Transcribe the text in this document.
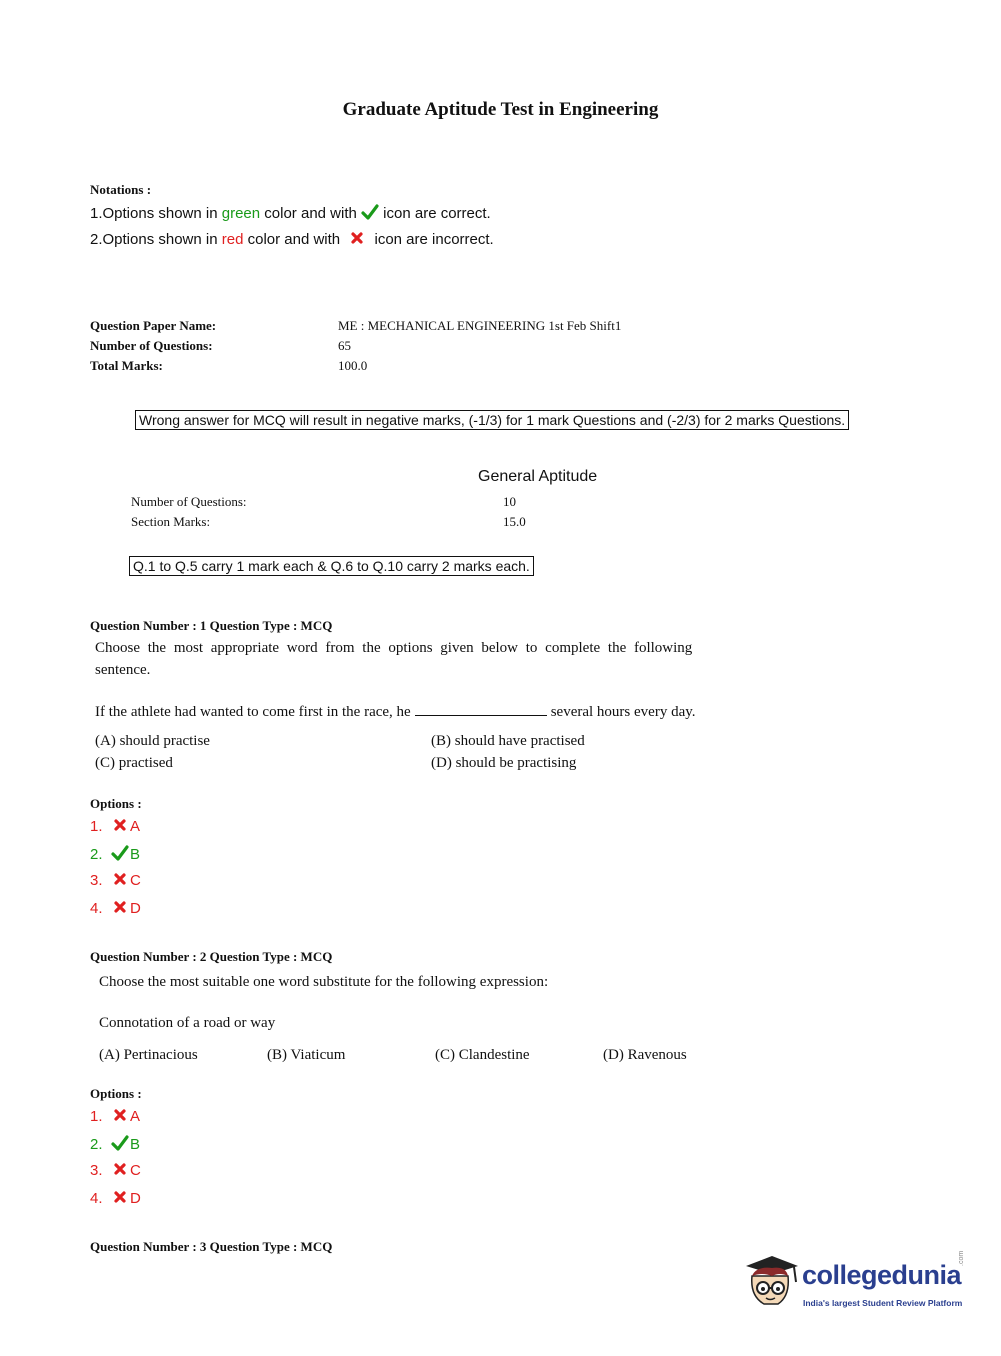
Graduate Aptitude Test in Engineering
Notations :
1.Options shown in green color and with  icon are correct.
2.Options shown in red color and with  icon are incorrect.
Question Paper Name:	ME : MECHANICAL ENGINEERING 1st Feb Shift1
Number of Questions:	65
Total Marks:	100.0
Wrong answer for MCQ will result in negative marks, (-1/3) for 1 mark Questions and (-2/3) for 2 marks Questions.
General Aptitude
Number of Questions:	10
Section Marks:	15.0
Q.1 to Q.5 carry 1 mark each & Q.6 to Q.10 carry 2 marks each.
Question Number : 1 Question Type : MCQ
Choose the most appropriate word from the options given below to complete the following
sentence.
If the athlete had wanted to come first in the race, he	several hours every day.
(A) should practise	(B) should have practised
(C) practised	(D) should be practising
Options :
1. A
2. B
3. C
4. D
Question Number : 2 Question Type : MCQ
Choose the most suitable one word substitute for the following expression:
Connotation of a road or way
(A) Pertinacious	(B) Viaticum	(C) Clandestine	(D) Ravenous
Options :
1. A
2. B
3. C
4. D
Question Number : 3 Question Type : MCQ
collegedunia
.com
India's largest Student Review Platform
